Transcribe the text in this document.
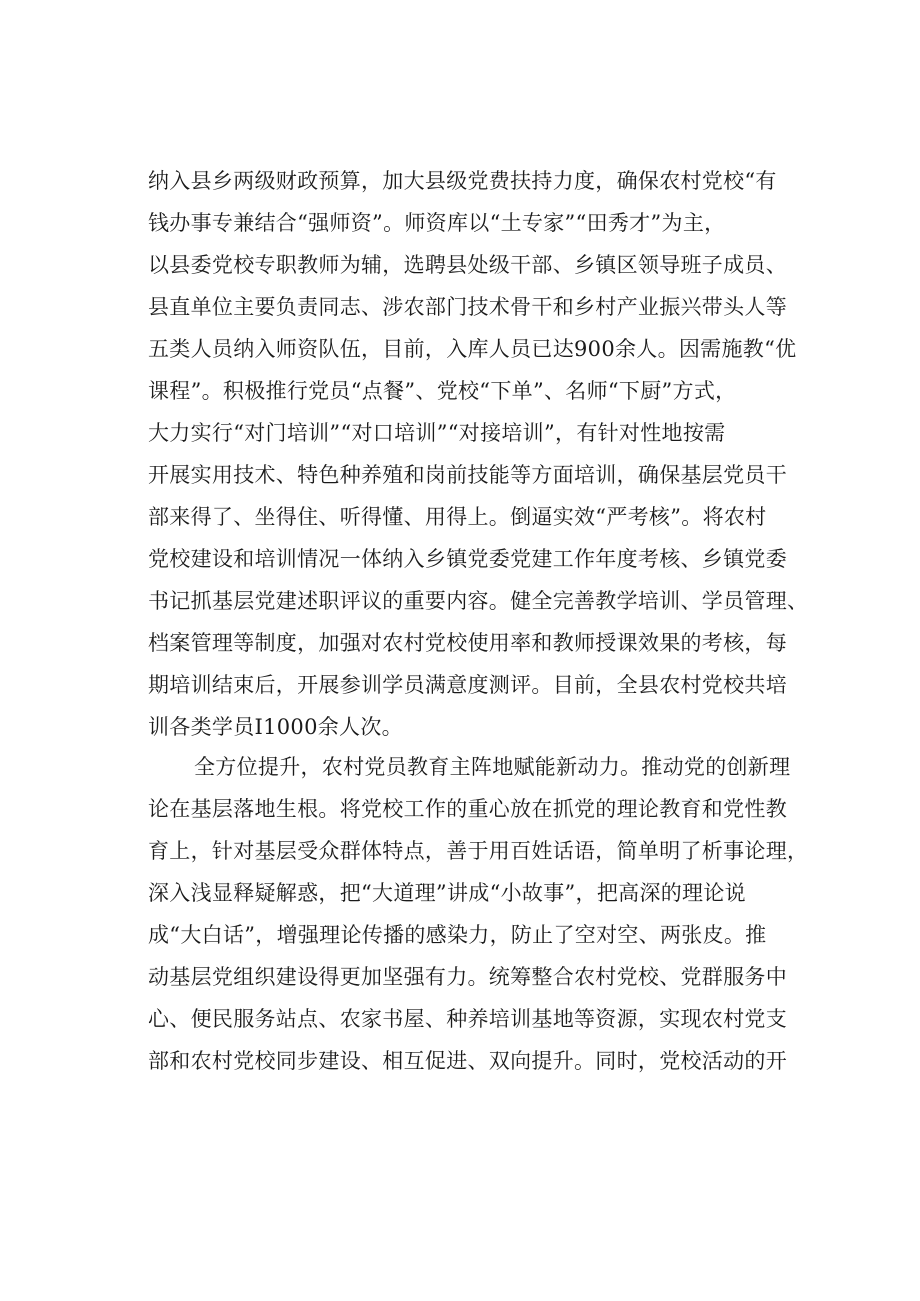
纳入县乡两级财政预算，加大县级党费扶持力度，确保农村党校“有
钱办事专兼结合“强师资”。师资库以“土专家”“田秀才”为主，
以县委党校专职教师为辅，选聘县处级干部、乡镇区领导班子成员、
县直单位主要负责同志、涉农部门技术骨干和乡村产业振兴带头人等
五类人员纳入师资队伍，目前，入库人员已达900余人。因需施教“优
课程”。积极推行党员“点餐”、党校“下单”、名师“下厨”方式，
大力实行“对门培训”“对口培训”“对接培训”，有针对性地按需
开展实用技术、特色种养殖和岗前技能等方面培训，确保基层党员干
部来得了、坐得住、听得懂、用得上。倒逼实效“严考核”。将农村
党校建设和培训情况一体纳入乡镇党委党建工作年度考核、乡镇党委
书记抓基层党建述职评议的重要内容。健全完善教学培训、学员管理、
档案管理等制度，加强对农村党校使用率和教师授课效果的考核，每
期培训结束后，开展参训学员满意度测评。目前，全县农村党校共培
训各类学员I1000余人次。
全方位提升，农村党员教育主阵地赋能新动力。推动党的创新理
论在基层落地生根。将党校工作的重心放在抓党的理论教育和党性教
育上，针对基层受众群体特点，善于用百姓话语，简单明了析事论理，
深入浅显释疑解惑，把“大道理”讲成“小故事”，把高深的理论说
成“大白话”，增强理论传播的感染力，防止了空对空、两张皮。推
动基层党组织建设得更加坚强有力。统筹整合农村党校、党群服务中
心、便民服务站点、农家书屋、种养培训基地等资源，实现农村党支
部和农村党校同步建设、相互促进、双向提升。同时，党校活动的开
